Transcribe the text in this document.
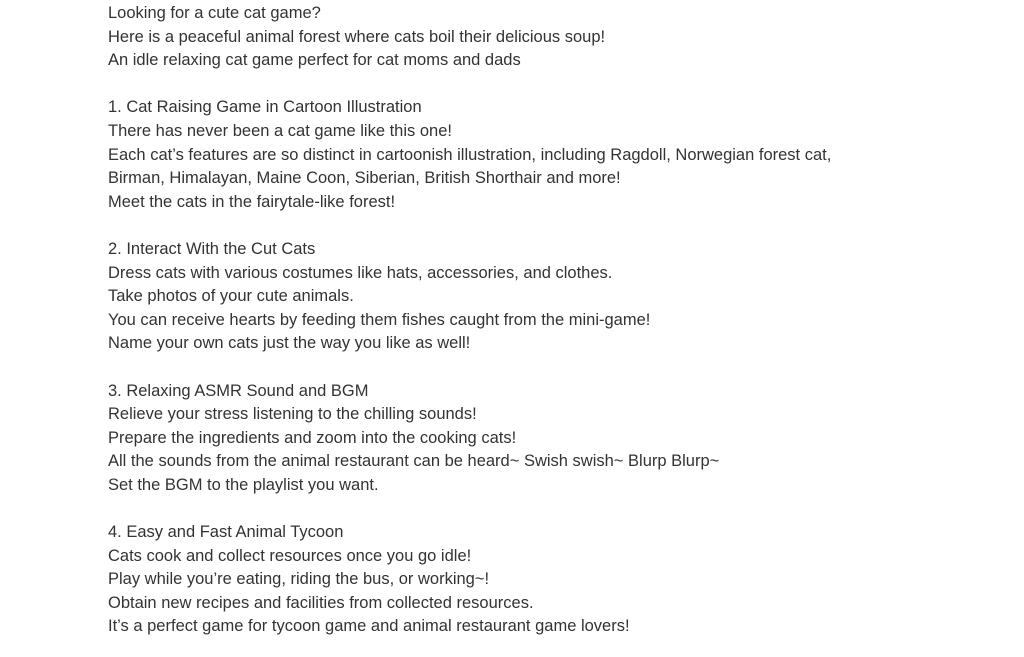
Looking for a cute cat game?
Here is a peaceful animal forest where cats boil their delicious soup!
An idle relaxing cat game perfect for cat moms and dads
1. Cat Raising Game in Cartoon Illustration
There has never been a cat game like this one!
Each cat’s features are so distinct in cartoonish illustration, including Ragdoll, Norwegian forest cat,
Birman, Himalayan, Maine Coon, Siberian, British Shorthair and more!
Meet the cats in the fairytale-like forest!
2. Interact With the Cut Cats
Dress cats with various costumes like hats, accessories, and clothes.
Take photos of your cute animals.
You can receive hearts by feeding them fishes caught from the mini-game!
Name your own cats just the way you like as well!
3. Relaxing ASMR Sound and BGM
Relieve your stress listening to the chilling sounds!
Prepare the ingredients and zoom into the cooking cats!
All the sounds from the animal restaurant can be heard~ Swish swish~ Blurp Blurp~
Set the BGM to the playlist you want.
4. Easy and Fast Animal Tycoon
Cats cook and collect resources once you go idle!
Play while you’re eating, riding the bus, or working~!
Obtain new recipes and facilities from collected resources.
It’s a perfect game for tycoon game and animal restaurant game lovers!
